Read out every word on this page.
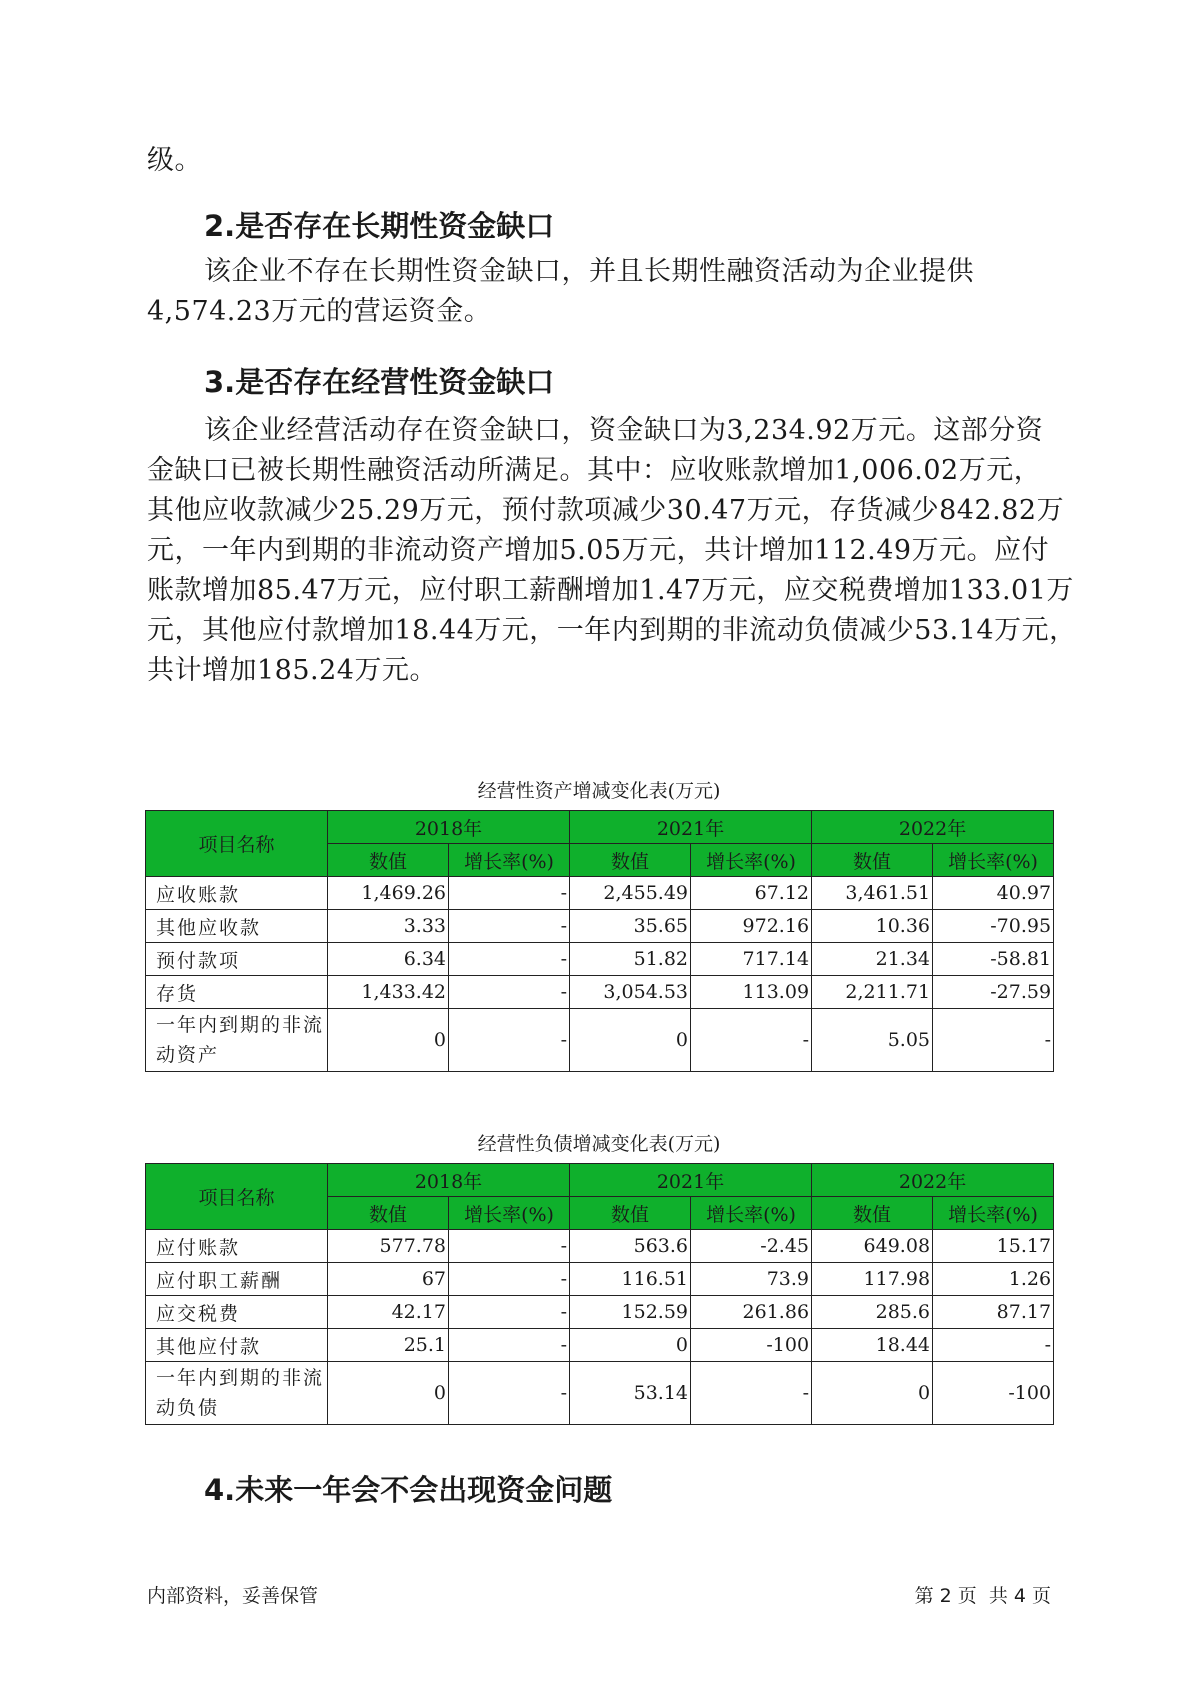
级。
2.是否存在长期性资金缺口
该企业不存在长期性资金缺口，并且长期性融资活动为企业提供
4,574.23万元的营运资金。
3.是否存在经营性资金缺口
该企业经营活动存在资金缺口，资金缺口为3,234.92万元。这部分资
金缺口已被长期性融资活动所满足。其中：应收账款增加1,006.02万元，
其他应收款减少25.29万元，预付款项减少30.47万元，存货减少842.82万
元，一年内到期的非流动资产增加5.05万元，共计增加112.49万元。应付
账款增加85.47万元，应付职工薪酬增加1.47万元，应交税费增加133.01万
元，其他应付款增加18.44万元，一年内到期的非流动负债减少53.14万元，
共计增加185.24万元。
经营性资产增减变化表(万元)
项目名称	2018年		2021年		2022年	
	数值	增长率(%)	数值	增长率(%)	数值	增长率(%)
应收账款	1,469.26	-	2,455.49	67.12	3,461.51	40.97
其他应收款	3.33	-	35.65	972.16	10.36	-70.95
预付款项	6.34	-	51.82	717.14	21.34	-58.81
存货	1,433.42	-	3,054.53	113.09	2,211.71	-27.59

一年内到期的非流
动资产	0	-	0	-	5.05	-
经营性负债增减变化表(万元)
项目名称	2018年		2021年		2022年	
	数值	增长率(%)	数值	增长率(%)	数值	增长率(%)
应付账款	577.78	-	563.6	-2.45	649.08	15.17
应付职工薪酬	67	-	116.51	73.9	117.98	1.26
应交税费	42.17	-	152.59	261.86	285.6	87.17
其他应付款	25.1	-	0	-100	18.44	-

一年内到期的非流
动负债	0	-	53.14	-	0	-100
4.未来一年会不会出现资金问题
内部资料，妥善保管	第 2 页  共 4 页
